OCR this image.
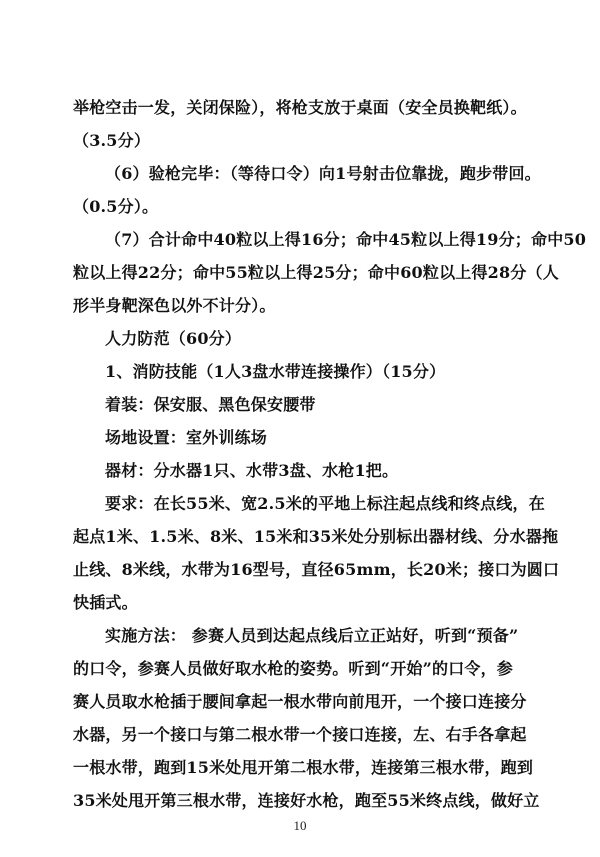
举枪空击一发，关闭保险），将枪支放于桌面（安全员换靶纸）。
（3.5分）
（6）验枪完毕：（等待口令）向1号射击位靠拢，跑步带回。
（0.5分）。
（7）合计命中40粒以上得16分；命中45粒以上得19分；命中50
粒以上得22分；命中55粒以上得25分；命中60粒以上得28分（人
形半身靶深色以外不计分）。
人力防范（60分）
1、消防技能（1人3盘水带连接操作）（15分）
着装：保安服、黑色保安腰带
场地设置：室外训练场
器材：分水器1只、水带3盘、水枪1把。
要求：在长55米、宽2.5米的平地上标注起点线和终点线，在
起点1米、1.5米、8米、15米和35米处分别标出器材线、分水器拖
止线、8米线，水带为16型号，直径65mm，长20米；接口为圆口
快插式。
实施方法： 参赛人员到达起点线后立正站好，听到“预备”
的口令，参赛人员做好取水枪的姿势。听到“开始”的口令，参
赛人员取水枪插于腰间拿起一根水带向前甩开，一个接口连接分
水器，另一个接口与第二根水带一个接口连接，左、右手各拿起
一根水带，跑到15米处甩开第二根水带，连接第三根水带，跑到
35米处甩开第三根水带，连接好水枪，跑至55米终点线，做好立
10
